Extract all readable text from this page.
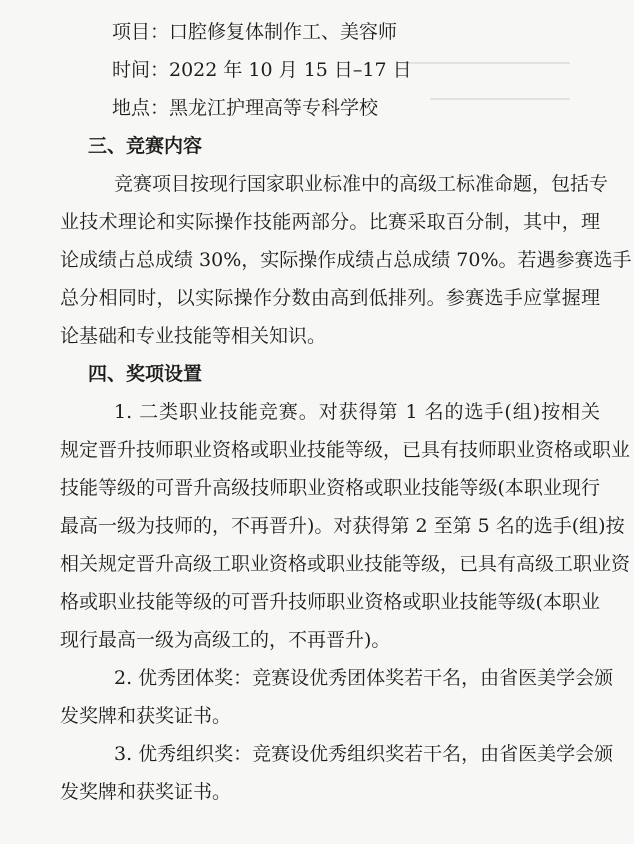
项目：口腔修复体制作工、美容师
时间：2022 年 10 月 15 日–17 日
地点：黑龙江护理高等专科学校
三、竞赛内容
竞赛项目按现行国家职业标准中的高级工标准命题，包括专
业技术理论和实际操作技能两部分。比赛采取百分制，其中，理
论成绩占总成绩 30%，实际操作成绩占总成绩 70%。若遇参赛选手
总分相同时，以实际操作分数由高到低排列。参赛选手应掌握理
论基础和专业技能等相关知识。
四、奖项设置
1. 二类职业技能竞赛。对获得第 1 名的选手(组)按相关
规定晋升技师职业资格或职业技能等级，已具有技师职业资格或职业
技能等级的可晋升高级技师职业资格或职业技能等级(本职业现行
最高一级为技师的，不再晋升)。对获得第 2 至第 5 名的选手(组)按
相关规定晋升高级工职业资格或职业技能等级，已具有高级工职业资
格或职业技能等级的可晋升技师职业资格或职业技能等级(本职业
现行最高一级为高级工的，不再晋升)。
2. 优秀团体奖：竞赛设优秀团体奖若干名，由省医美学会颁
发奖牌和获奖证书。
3. 优秀组织奖：竞赛设优秀组织奖若干名，由省医美学会颁
发奖牌和获奖证书。
